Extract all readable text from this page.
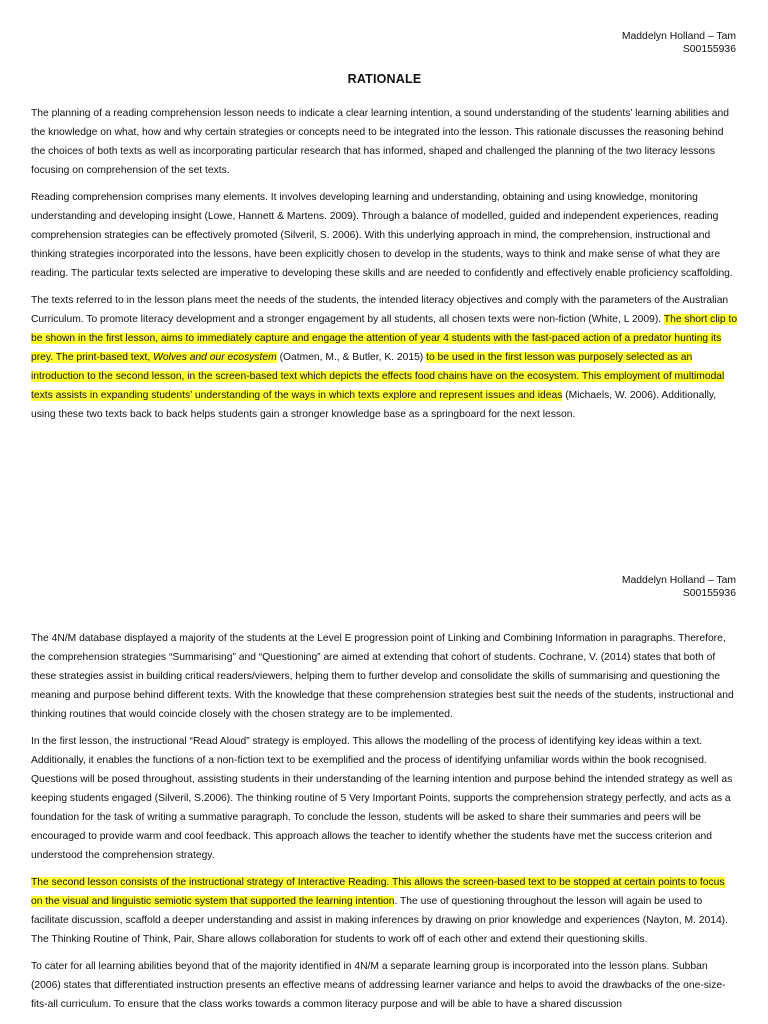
Maddelyn Holland – Tam
S00155936
RATIONALE

The planning of a reading comprehension lesson needs to indicate a clear learning intention, a sound understanding of the students’ learning abilities and the knowledge on what, how and why certain strategies or concepts need to be integrated into the lesson. This rationale discusses the reasoning behind the choices of both texts as well as incorporating particular research that has informed, shaped and challenged the planning of the two literacy lessons focusing on comprehension of the set texts.

Reading comprehension comprises many elements. It involves developing learning and understanding, obtaining and using knowledge, monitoring understanding and developing insight (Lowe, Hannett & Martens. 2009). Through a balance of modelled, guided and independent experiences, reading comprehension strategies can be effectively promoted (Silveril, S. 2006). With this underlying approach in mind, the comprehension, instructional and thinking strategies incorporated into the lessons, have been explicitly chosen to develop in the students, ways to think and make sense of what they are reading. The particular texts selected are imperative to developing these skills and are needed to confidently and effectively enable proficiency scaffolding.

The texts referred to in the lesson plans meet the needs of the students, the intended literacy objectives and comply with the parameters of the Australian Curriculum. To promote literacy development and a stronger engagement by all students, all chosen texts were non-fiction (White, L 2009). The short clip to be shown in the first lesson, aims to immediately capture and engage the attention of year 4 students with the fast-paced action of a predator hunting its prey. The print-based text, Wolves and our ecosystem (Oatmen, M., & Butler, K. 2015) to be used in the first lesson was purposely selected as an introduction to the second lesson, in the screen-based text which depicts the effects food chains have on the ecosystem. This employment of multimodal texts assists in expanding students’ understanding of the ways in which texts explore and represent issues and ideas (Michaels, W. 2006). Additionally, using these two texts back to back helps students gain a stronger knowledge base as a springboard for the next lesson.

Maddelyn Holland – Tam
S00155936

The 4N/M database displayed a majority of the students at the Level E progression point of Linking and Combining Information in paragraphs. Therefore, the comprehension strategies “Summarising” and “Questioning” are aimed at extending that cohort of students. Cochrane, V. (2014) states that both of these strategies assist in building critical readers/viewers, helping them to further develop and consolidate the skills of summarising and questioning the meaning and purpose behind different texts. With the knowledge that these comprehension strategies best suit the needs of the students, instructional and thinking routines that would coincide closely with the chosen strategy are to be implemented.

In the first lesson, the instructional “Read Aloud” strategy is employed. This allows the modelling of the process of identifying key ideas within a text. Additionally, it enables the functions of a non-fiction text to be exemplified and the process of identifying unfamiliar words within the book recognised. Questions will be posed throughout, assisting students in their understanding of the learning intention and purpose behind the intended strategy as well as keeping students engaged (Silveril, S.2006). The thinking routine of 5 Very Important Points, supports the comprehension strategy perfectly, and acts as a foundation for the task of writing a summative paragraph. To conclude the lesson, students will be asked to share their summaries and peers will be encouraged to provide warm and cool feedback. This approach allows the teacher to identify whether the students have met the success criterion and understood the comprehension strategy.

The second lesson consists of the instructional strategy of Interactive Reading. This allows the screen-based text to be stopped at certain points to focus on the visual and linguistic semiotic system that supported the learning intention. The use of questioning throughout the lesson will again be used to facilitate discussion, scaffold a deeper understanding and assist in making inferences by drawing on prior knowledge and experiences (Nayton, M. 2014). The Thinking Routine of Think, Pair, Share allows collaboration for students to work off of each other and extend their questioning skills.

To cater for all learning abilities beyond that of the majority identified in 4N/M a separate learning group is incorporated into the lesson plans. Subban (2006) states that differentiated instruction presents an effective means of addressing learner variance and helps to avoid the drawbacks of the one-size-fits-all curriculum. To ensure that the class works towards a common literacy purpose and will be able to have a shared discussion
